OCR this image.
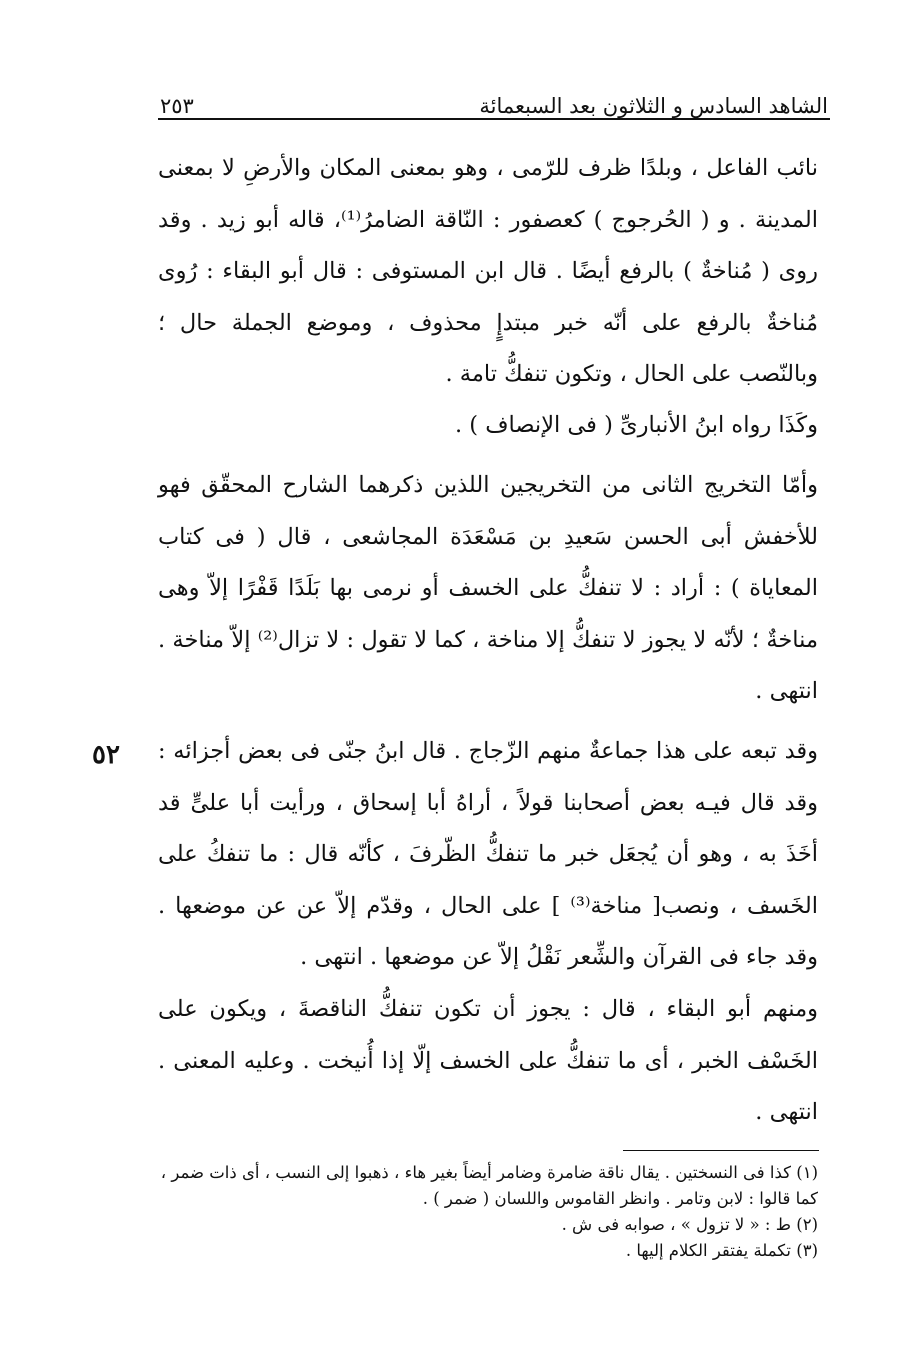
الشاهد السادس و الثلاثون بعد السبعمائة
٢٥٣

نائب الفاعل ، وبلدًا ظرف للرّمى ، وهو بمعنى المكان والأرضِ لا بمعنى المدينة . و ( الحُرجوج ) كعصفور : النّاقة الضامرُ⁽¹⁾، قاله أبو زيد . وقد روى ( مُناخةٌ ) بالرفع أيضًا . قال ابن المستوفى : قال أبو البقاء : رُوى مُناخةٌ بالرفع على أنّه خبر مبتدإٍ محذوف ، وموضع الجملة حال ؛ وبالنّصب على الحال ، وتكون تنفكُّ تامة .

وكَذَا رواه ابنُ الأنبارىِّ ( فى الإنصاف ) .

وأمّا التخريج الثانى من التخريجين اللذين ذكرهما الشارح المحقّق فهو للأخفش أبى الحسن سَعيدِ بن مَسْعَدَة المجاشعى ، قال ( فى كتاب المعاياة ) : أراد : لا تنفكُّ على الخسف أو نرمى بها بَلَدًا قَفْرًا إلاّ وهى مناخةٌ ؛ لأنّه لا يجوز لا تنفكُّ إلا مناخة ، كما لا تقول : لا تزال⁽²⁾ إلاّ مناخة . انتهى .

٥٢ وقد تبعه على هذا جماعةٌ منهم الزّجاج . قال ابنُ جنّى فى بعض أجزائه : وقد قال فيـه بعض أصحابنا قولاً ، أراهُ أبا إسحاق ، ورأيت أبا علىٍّ قد أخَذَ به ، وهو أن يُجعَل خبر ما تنفكُّ الظّرفَ ، كأنّه قال : ما تنفكُ على الخَسف ، ونصب[ مناخة⁽³⁾ ] على الحال ، وقدّم إلاّ عن عن موضعها . وقد جاء فى القرآن والشِّعر نَقْلُ إلاّ عن موضعها . انتهى .

ومنهم أبو البقاء ، قال : يجوز أن تكون تنفكُّ الناقصةَ ، ويكون على الخَسْف الخبر ، أى ما تنفكُّ على الخسف إلّا إذا أُنيخت . وعليه المعنى . انتهى .

(١) كذا فى النسختين . يقال ناقة ضامرة وضامر أيضاً بغير هاء ، ذهبوا إلى النسب ، أى ذات ضمر ، كما قالوا : لابن وتامر . وانظر القاموس واللسان ( ضمر ) .

(٢) ط : « لا تزول » ، صوابه فى ش .

(٣) تكملة يفتقر الكلام إليها .
